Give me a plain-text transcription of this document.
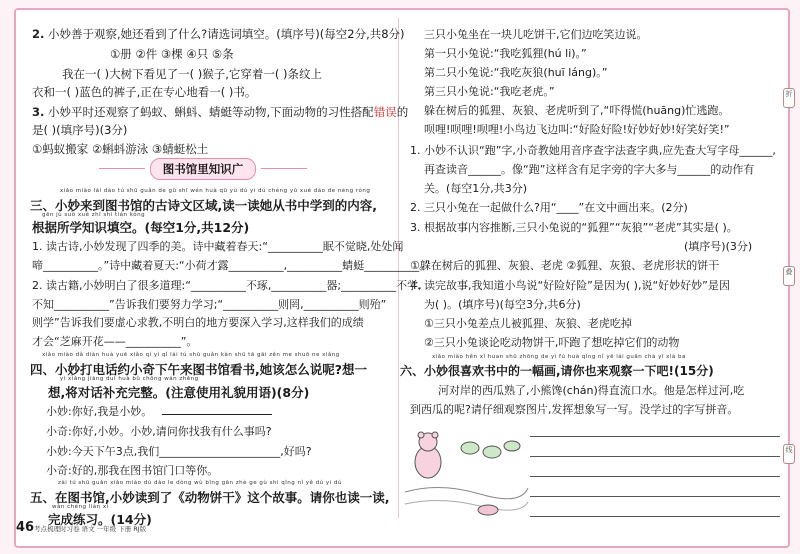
2. 小妙善于观察,她还看到了什么?请选词填空。(填序号)(每空2分,共8分)
①册 ②件 ③棵 ④只 ⑤条
我在一( )大树下看见了一( )猴子,它穿着一( )条纹上
衣和一( )蓝色的裤子,正在专心地看一( )书。
3. 小妙平时还观察了蚂蚁、蝌蚪、蜻蜓等动物,下面动物的习性搭配错误的
是( )(填序号)(3分)
①蚂蚁搬家 ②蝌蚪游泳 ③蜻蜓松土
图书馆里知识广
xiǎo miào lái dào tú shū guǎn de gǔ shī wén huà qū yù dú yi dú chéng yǔ xué dào de néng róng
三、小妙来到图书馆的古诗文区域,读一读她从书中学到的内容,
gēn jù suǒ xué zhī shi tián kòng
根据所学知识填空。(每空1分,共12分)
1. 读古诗,小妙发现了四季的美。诗中藏着春天:“__________眠不觉晓,处处闻
啼__________。”诗中藏着夏天:“小荷才露__________,__________蜻蜓__________。”
2. 读古籍,小妙明白了很多道理:“__________不琢,__________器;__________不学,
不知__________”告诉我们要努力学习;“__________则罔,__________则殆”
则学”告诉我们要虚心求教,不明白的地方要深入学习,这样我们的成绩
才会“芝麻开花——__________”。
xiǎo miào dǎ diàn huà yuē xiǎo qí yì qǐ lái tú shū guǎn kàn shū tā gāi zěn me shuō ne xiǎng
四、小妙打电话约小奇下午来图书馆看书,她该怎么说呢?想一
yi xiǎng jiāng duì huà bǔ chōng wán zhěng
想,将对话补充完整。(注意使用礼貌用语)(8分)
小妙:你好,我是小妙。
小奇:你好,小妙。小妙,请问你找我有什么事吗?
小妙:今天下午3点,我们______________________,好吗?
小奇:好的,那我在图书馆门口等你。
zài tú shū guǎn xiǎo miào dú dào le dòng wù bǐng gān zhè ge gù shi qǐng nǐ yě dú yi dú
五、在图书馆,小妙读到了《动物饼干》这个故事。请你也读一读,
wán chéng liàn xí
完成练习。(14分)
46 考点梳理时习卷 语文 一年级 下册 RJ版
三只小兔坐在一块儿吃饼干,它们边吃笑边说。
第一只小兔说:“我吃狐狸(hú li)。”
第二只小兔说:“我吃灰狼(huī láng)。”
第三只小兔说:“我吃老虎。”
躲在树后的狐狸、灰狼、老虎听到了,“吓得慌(huāng)忙逃跑。
呗哩!呗哩!呗哩!小鸟边飞边叫:“好险好险!好妙好妙!好笑好笑!”
1. 小妙不认识“跑”字,小奇教她用音序查字法查字典,应先查大写字母______,
再查读音______。像“跑”这样含有足字旁的字大多与______的动作有
关。(每空1分,共3分)
2. 三只小兔在一起做什么?用“____”在文中画出来。(2分)
3. 根据故事内容推断,三只小兔说的“狐狸”“灰狼”“老虎”其实是( )。
(填序号)(3分)
①躲在树后的狐狸、灰狼、老虎 ②狐狸、灰狼、老虎形状的饼干
4. 读完故事,我知道小鸟说“好险好险”是因为( ),说“好妙好妙”是因
为( )。(填序号)(每空3分,共6分)
①三只小兔差点儿被狐狸、灰狼、老虎吃掉
②三只小兔谈论吃动物饼干,吓跑了想吃掉它们的动物
xiǎo miào hěn xǐ huan shū zhōng de yì fú huà qǐng nǐ yě lái guān chá yī xià ba
六、小妙很喜欢书中的一幅画,请你也来观察一下吧!(15分)
河对岸的西瓜熟了,小熊馋(chán)得直流口水。他是怎样过河,吃
到西瓜的呢?请仔细观察图片,发挥想象写一写。没学过的字写拼音。
折
叠
线
